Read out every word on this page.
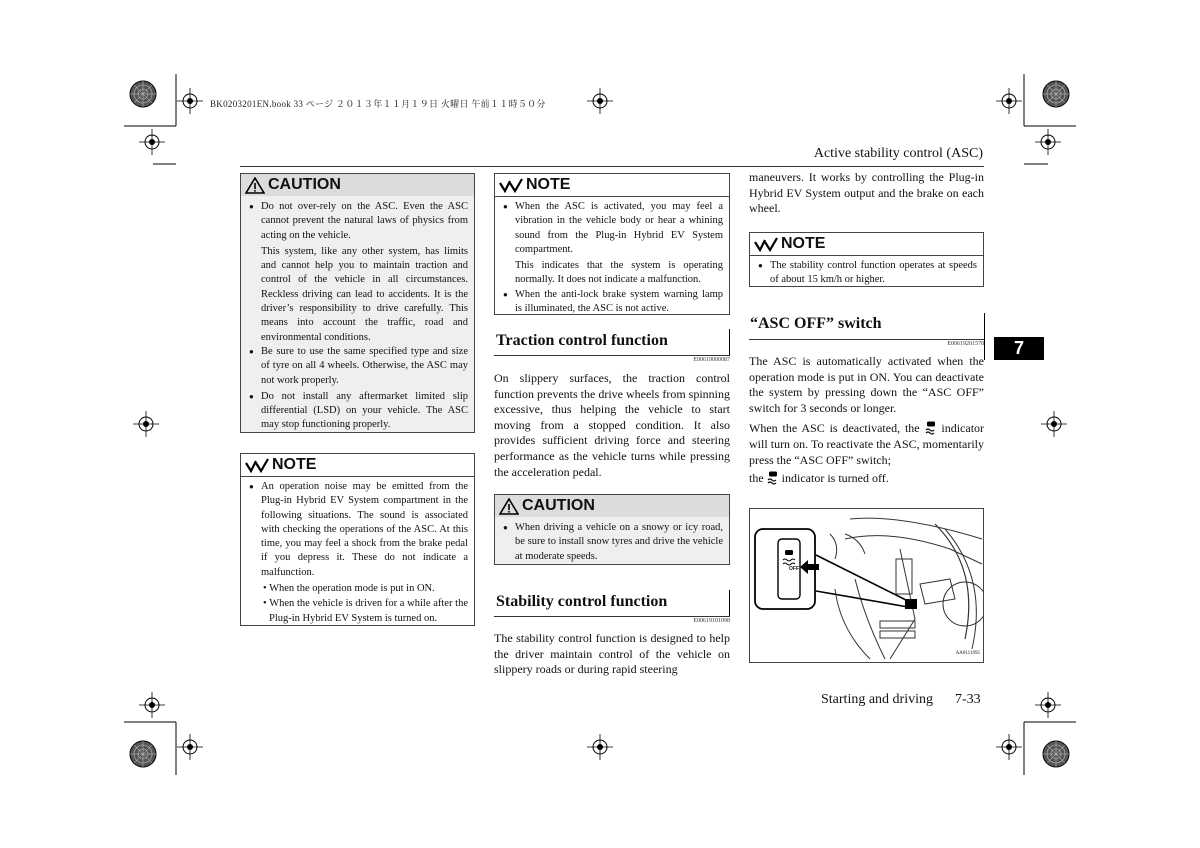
BK0203201EN.book 33 ページ ２０１３年１１月１９日 火曜日 午前１１時５０分
Active stability control (ASC)
7
CAUTION

● Do not over-rely on the ASC. Even the ASC cannot prevent the natural laws of physics from acting on the vehicle.

This system, like any other system, has limits and cannot help you to maintain traction and control of the vehicle in all circumstances. Reckless driving can lead to accidents. It is the driver’s responsibility to drive carefully. This means into account the traffic, road and environmental conditions.

● Be sure to use the same specified type and size of tyre on all 4 wheels. Otherwise, the ASC may not work properly.

● Do not install any aftermarket limited slip differential (LSD) on your vehicle. The ASC may stop functioning properly.

NOTE

● An operation noise may be emitted from the Plug-in Hybrid EV System compartment in the following situations. The sound is associated with checking the operations of the ASC. At this time, you may feel a shock from the brake pedal if you depress it. These do not indicate a malfunction.

• When the operation mode is put in ON.

• When the vehicle is driven for a while after the Plug-in Hybrid EV System is turned on.

NOTE

● When the ASC is activated, you may feel a vibration in the vehicle body or hear a whining sound from the Plug-in Hybrid EV System compartment.

This indicates that the system is operating normally. It does not indicate a malfunction.

● When the anti-lock brake system warning lamp is illuminated, the ASC is not active.

Traction control function
E00619000087

On slippery surfaces, the traction control function prevents the drive wheels from spinning excessive, thus helping the vehicle to start moving from a stopped condition. It also provides sufficient driving force and steering performance as the vehicle turns while pressing the acceleration pedal.

CAUTION

● When driving a vehicle on a snowy or icy road, be sure to install snow tyres and drive the vehicle at moderate speeds.

Stability control function
E00619101098

The stability control function is designed to help the driver maintain control of the vehicle on slippery roads or during rapid steering

maneuvers. It works by controlling the Plug-in Hybrid EV System output and the brake on each wheel.

NOTE

● The stability control function operates at speeds of about 15 km/h or higher.

“ASC OFF” switch
E00619201578

The ASC is automatically activated when the operation mode is put in ON. You can deactivate the system by pressing down the “ASC OFF” switch for 3 seconds or longer.

When the ASC is deactivated, the indicator will turn on. To reactivate the ASC, momentarily press the “ASC OFF” switch;

the indicator is turned off.

OFF
AA0111995
Starting and driving 7-33
